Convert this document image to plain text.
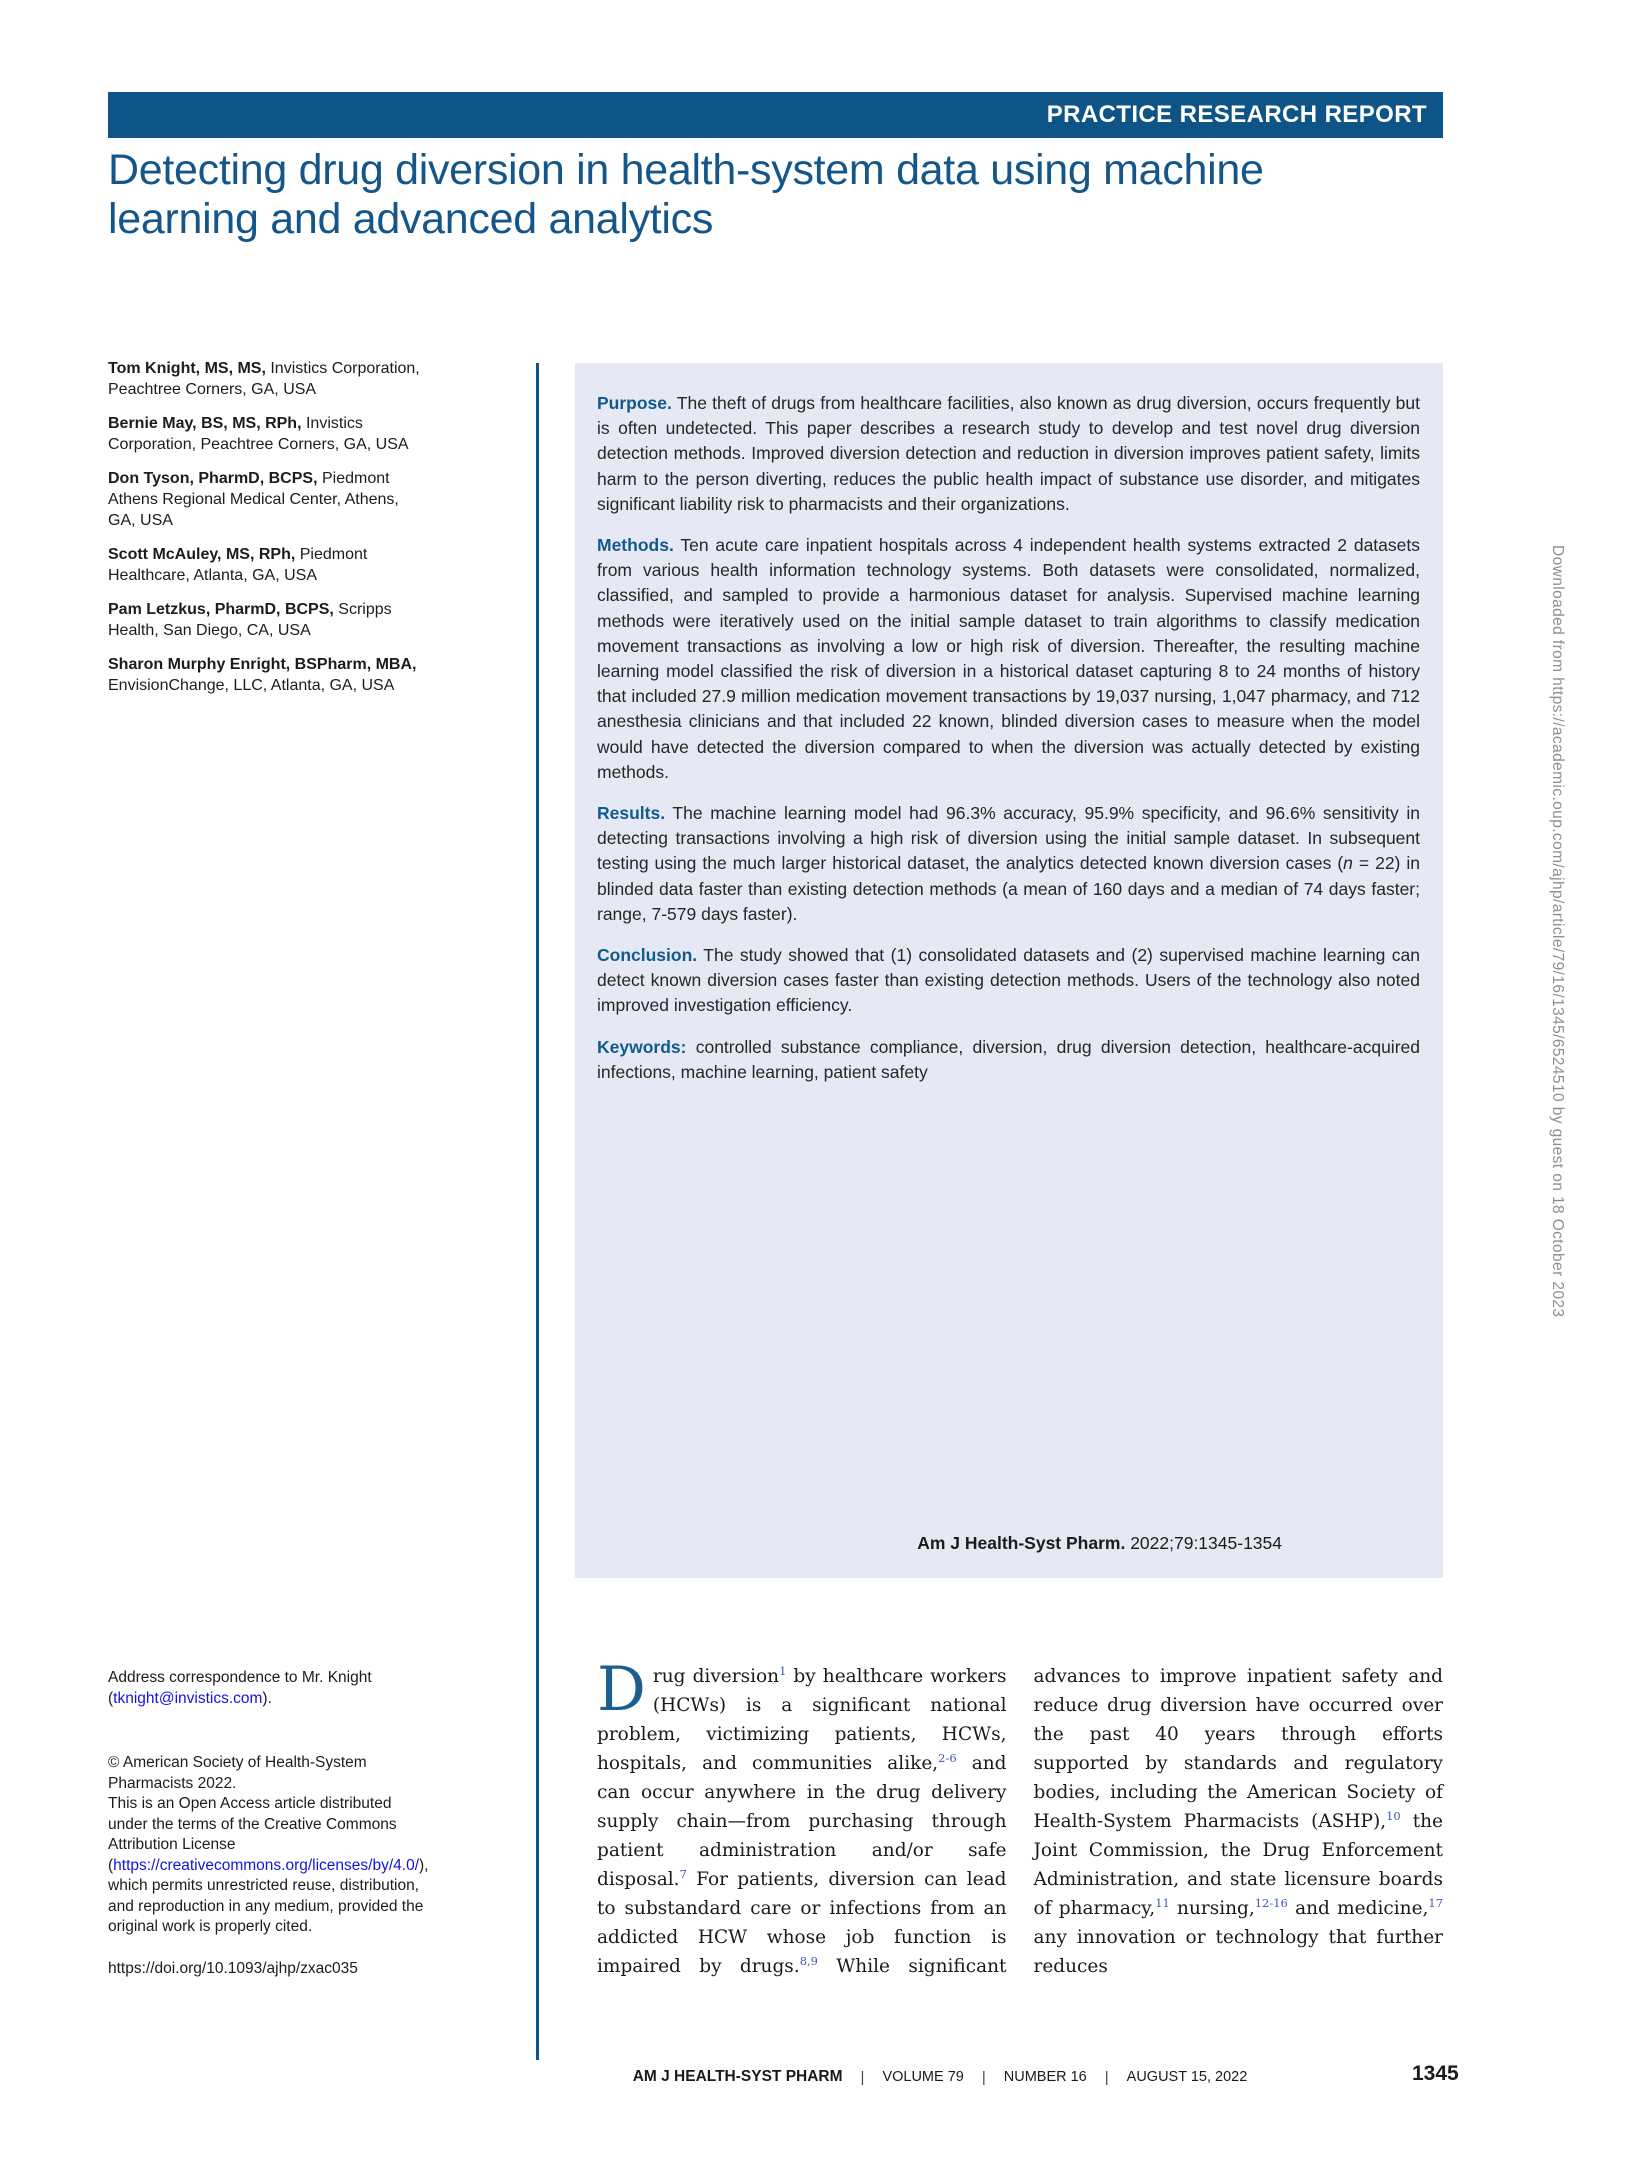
PRACTICE RESEARCH REPORT
Detecting drug diversion in health-system data using machine learning and advanced analytics

Tom Knight, MS, MS, Invistics Corporation, Peachtree Corners, GA, USA

Bernie May, BS, MS, RPh, Invistics Corporation, Peachtree Corners, GA, USA

Don Tyson, PharmD, BCPS, Piedmont Athens Regional Medical Center, Athens, GA, USA

Scott McAuley, MS, RPh, Piedmont Healthcare, Atlanta, GA, USA

Pam Letzkus, PharmD, BCPS, Scripps Health, San Diego, CA, USA

Sharon Murphy Enright, BSPharm, MBA, EnvisionChange, LLC, Atlanta, GA, USA

Purpose. The theft of drugs from healthcare facilities, also known as drug diversion, occurs frequently but is often undetected. This paper describes a research study to develop and test novel drug diversion detection methods. Improved diversion detection and reduction in diversion improves patient safety, limits harm to the person diverting, reduces the public health impact of substance use disorder, and mitigates significant liability risk to pharmacists and their organizations.

Methods. Ten acute care inpatient hospitals across 4 independent health systems extracted 2 datasets from various health information technology systems. Both datasets were consolidated, normalized, classified, and sampled to provide a harmonious dataset for analysis. Supervised machine learning methods were iteratively used on the initial sample dataset to train algorithms to classify medication movement transactions as involving a low or high risk of diversion. Thereafter, the resulting machine learning model classified the risk of diversion in a historical dataset capturing 8 to 24 months of history that included 27.9 million medication movement transactions by 19,037 nursing, 1,047 pharmacy, and 712 anesthesia clinicians and that included 22 known, blinded diversion cases to measure when the model would have detected the diversion compared to when the diversion was actually detected by existing methods.

Results. The machine learning model had 96.3% accuracy, 95.9% specificity, and 96.6% sensitivity in detecting transactions involving a high risk of diversion using the initial sample dataset. In subsequent testing using the much larger historical dataset, the analytics detected known diversion cases (n = 22) in blinded data faster than existing detection methods (a mean of 160 days and a median of 74 days faster; range, 7-579 days faster).

Conclusion. The study showed that (1) consolidated datasets and (2) supervised machine learning can detect known diversion cases faster than existing detection methods. Users of the technology also noted improved investigation efficiency.

Keywords: controlled substance compliance, diversion, drug diversion detection, healthcare-acquired infections, machine learning, patient safety

Am J Health-Syst Pharm. 2022;79:1345-1354

Address correspondence to Mr. Knight (tknight@invistics.com).

© American Society of Health-System Pharmacists 2022.
This is an Open Access article distributed under the terms of the Creative Commons Attribution License (https://creativecommons.org/licenses/by/4.0/), which permits unrestricted reuse, distribution, and reproduction in any medium, provided the original work is properly cited.

https://doi.org/10.1093/ajhp/zxac035

Drug diversion$^1$ by healthcare workers (HCWs) is a significant national problem, victimizing patients, HCWs, hospitals, and communities alike,$^{2-6}$ and can occur anywhere in the drug delivery supply chain—from purchasing through patient administration and/or safe disposal.$^7$ For patients, diversion can lead to substandard care or infections from an addicted HCW whose job function is impaired by drugs.$^{8,9}$ While significant advances to improve inpatient safety and reduce drug diversion have occurred over the past 40 years through efforts supported by standards and regulatory bodies, including the American Society of Health-System Pharmacists (ASHP),$^{10}$ the Joint Commission, the Drug Enforcement Administration, and state licensure boards of pharmacy,$^{11}$ nursing,$^{12-16}$ and medicine,$^{17}$ any innovation or technology that further reduces

AM J HEALTH-SYST PHARM | VOLUME 79 | NUMBER 16 | AUGUST 15, 2022	1345
Downloaded from https://academic.oup.com/ajhp/article/79/16/1345/6524510 by guest on 18 October 2023
